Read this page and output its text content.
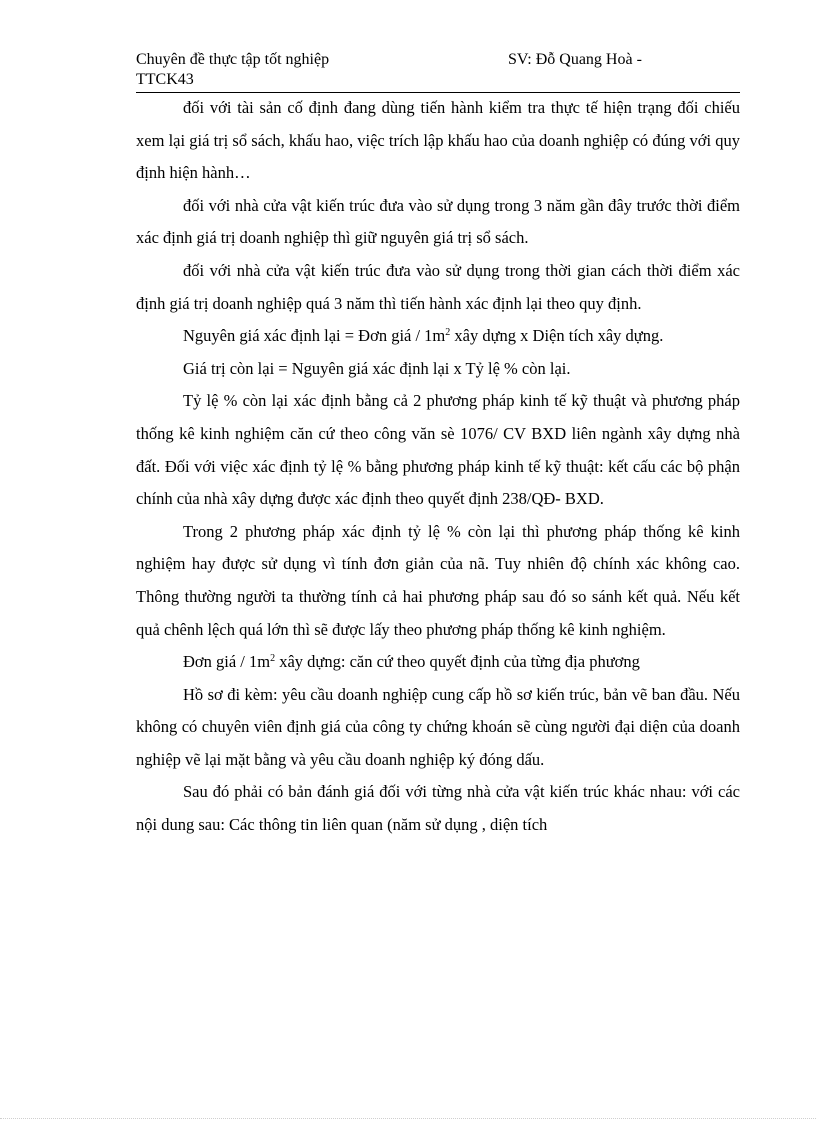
Chuyên đề thực tập tốt nghiệp	SV: Đỗ Quang Hoà -
TTCK43

đối với tài sản cố định đang dùng tiến hành kiểm tra thực tế hiện trạng đối chiếu xem lại giá trị sổ sách, khấu hao, việc trích lập khấu hao của doanh nghiệp có đúng với quy định hiện hành…

đối với nhà cửa vật kiến trúc đưa vào sử dụng trong 3 năm gần đây trước thời điểm xác định giá trị doanh nghiệp thì giữ nguyên giá trị sổ sách.

đối với nhà cửa vật kiến trúc đưa vào sử dụng trong thời gian cách thời điểm xác định giá trị doanh nghiệp quá 3 năm thì tiến hành xác định lại theo quy định.

Nguyên giá xác định lại = Đơn giá / $1m^2$ xây dựng x Diện tích xây dựng.

Giá trị còn lại = Nguyên giá xác định lại x Tỷ lệ % còn lại.

Tỷ lệ % còn lại xác định bằng cả 2 phương pháp kinh tế kỹ thuật và phương pháp thống kê kinh nghiệm căn cứ theo công văn sè 1076/ CV BXD liên ngành xây dựng nhà đất. Đối với việc xác định tỷ lệ % bằng phương pháp kinh tế kỹ thuật: kết cấu các bộ phận chính của nhà xây dựng được xác định theo quyết định 238/QĐ- BXD.

Trong 2 phương pháp xác định tỷ lệ % còn lại thì phương pháp thống kê kinh nghiệm hay được sử dụng vì tính đơn giản của nã. Tuy nhiên độ chính xác không cao. Thông thường người ta thường tính cả hai phương pháp sau đó so sánh kết quả. Nếu kết quả chênh lệch quá lớn thì sẽ được lấy theo phương pháp thống kê kinh nghiệm.

Đơn giá / $1m^2$ xây dựng: căn cứ theo quyết định của từng địa phương

Hồ sơ đi kèm: yêu cầu doanh nghiệp cung cấp hồ sơ kiến trúc, bản vẽ ban đầu. Nếu không có chuyên viên định giá của công ty chứng khoán sẽ cùng người đại diện của doanh nghiệp vẽ lại mặt bằng và yêu cầu doanh nghiệp ký đóng dấu.

Sau đó phải có bản đánh giá đối với từng nhà cửa vật kiến trúc khác nhau: với các nội dung sau: Các thông tin liên quan (năm sử dụng , diện tích
